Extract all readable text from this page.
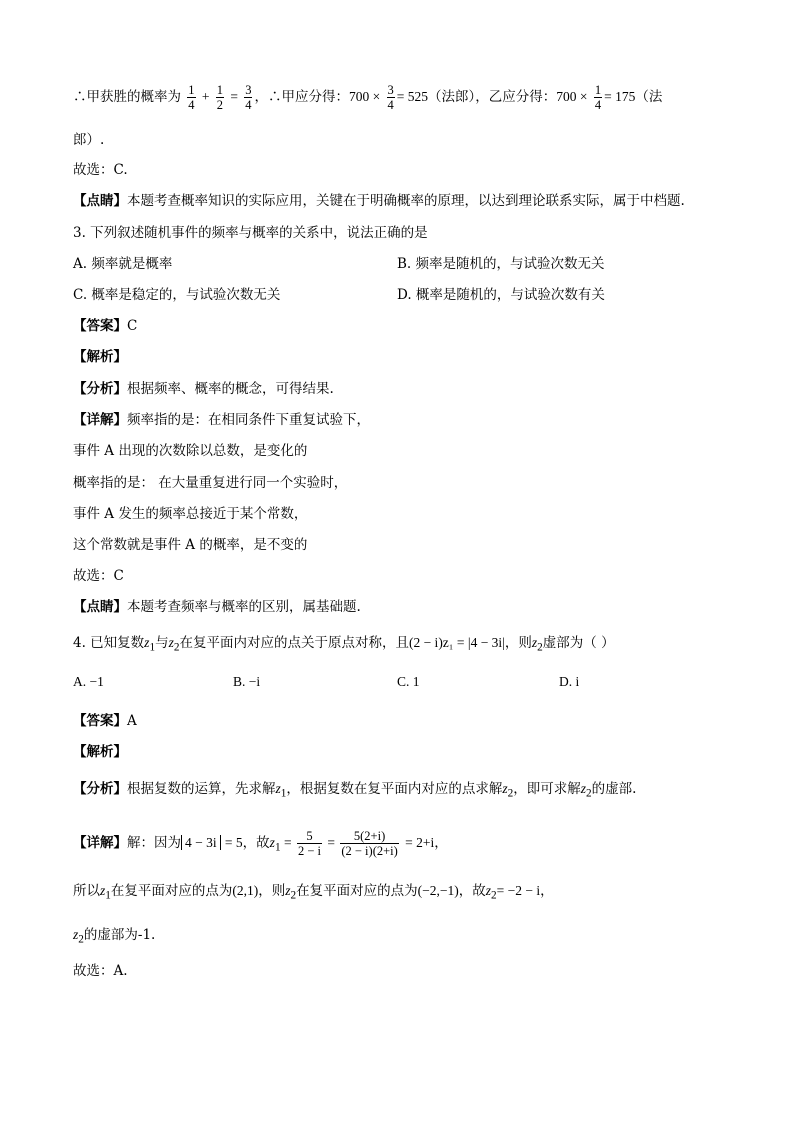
∴甲获胜的概率为 $\frac{1}{4} + \frac{1}{2} = \frac{3}{4}$ ，∴甲应分得：$700 \times \frac{3}{4} = 525$（法郎），乙应分得：$700 \times \frac{1}{4} = 175$（法
郎）.
故选：C.
【点睛】本题考查概率知识的实际应用，关键在于明确概率的原理，以达到理论联系实际，属于中档题.
3. 下列叙述随机事件的频率与概率的关系中，说法正确的是
A. 频率就是概率	B. 频率是随机的，与试验次数无关
C. 概率是稳定的，与试验次数无关	D. 概率是随机的，与试验次数有关
【答案】C
【解析】
【分析】根据频率、概率的概念，可得结果.
【详解】频率指的是：在相同条件下重复试验下，
事件 A 出现的次数除以总数，是变化的
概率指的是： 在大量重复进行同一个实验时，
事件 A 发生的频率总接近于某个常数，
这个常数就是事件 A 的概率，是不变的
故选：C
【点睛】本题考查频率与概率的区别，属基础题.
4. 已知复数$z_1$与$z_2$在复平面内对应的点关于原点对称，且(2 − i)z₁ = |4 − 3i|，则$z_2$虚部为（ ）
A. −1	B. −i	C. 1	D. i
【答案】A
【解析】
【分析】根据复数的运算，先求解$z_1$，根据复数在复平面内对应的点求解$z_2$，即可求解$z_2$的虚部.
【详解】解：因为 4 − 3i = 5，故$z_1 = \frac{5}{2 - i} = \frac{5(2+i)}{(2 - i)(2+i)} = 2+i$，
所以$z_1$在复平面对应的点为(2,1)，则$z_2$在复平面对应的点为(−2,−1)，故$z_2= -2 - i$，
$z_2$的虚部为-1.
故选：A.
